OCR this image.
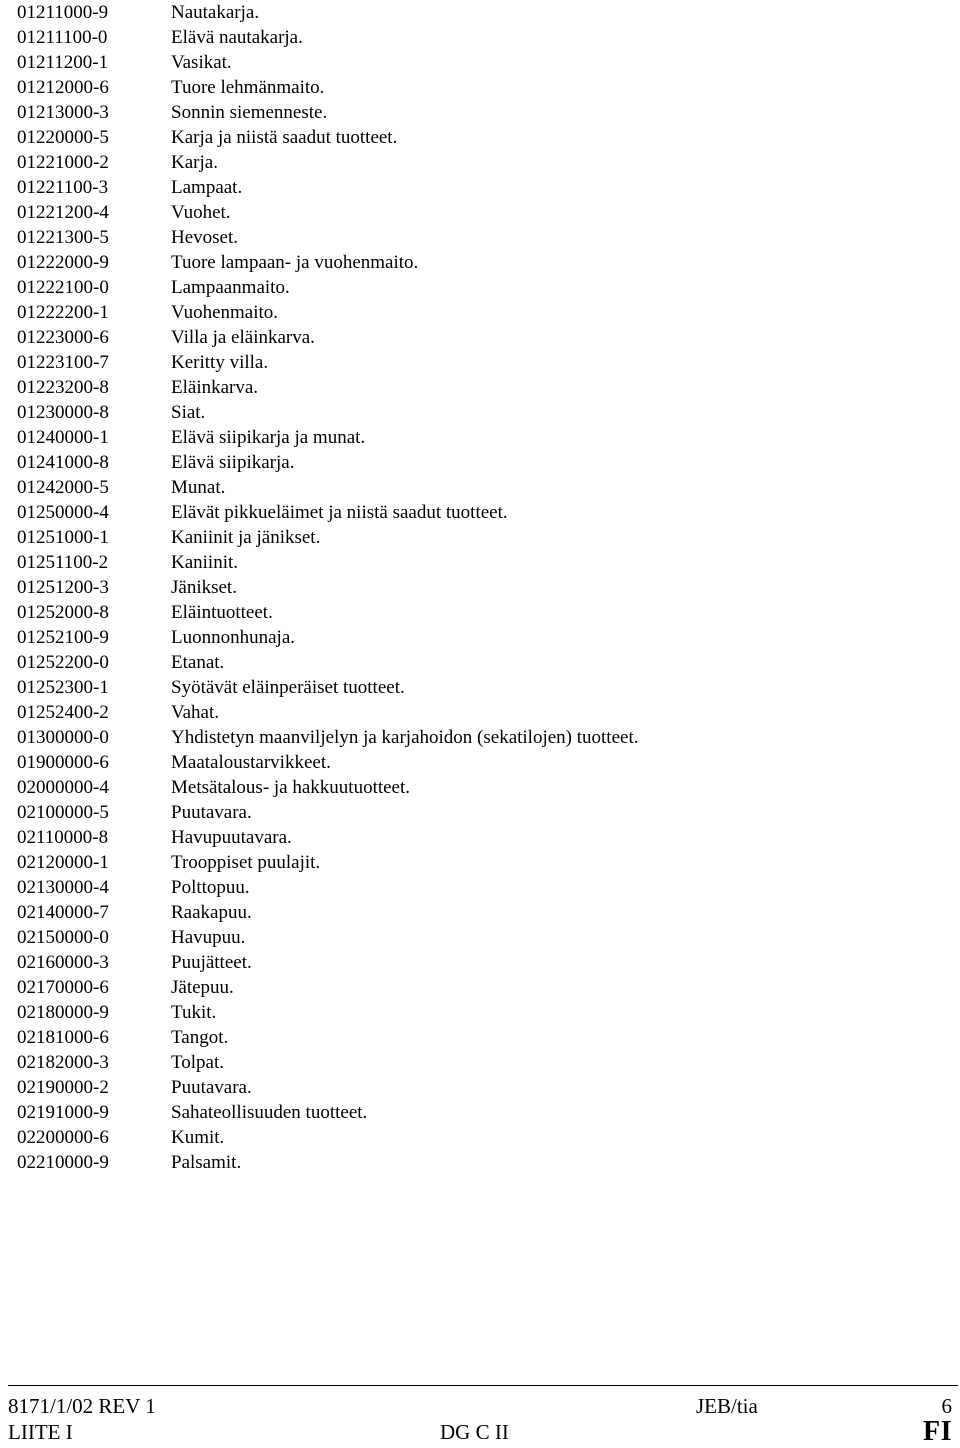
01211000-9	Nautakarja.
01211100-0	Elävä nautakarja.
01211200-1	Vasikat.
01212000-6	Tuore lehmänmaito.
01213000-3	Sonnin siemenneste.
01220000-5	Karja ja niistä saadut tuotteet.
01221000-2	Karja.
01221100-3	Lampaat.
01221200-4	Vuohet.
01221300-5	Hevoset.
01222000-9	Tuore lampaan- ja vuohenmaito.
01222100-0	Lampaanmaito.
01222200-1	Vuohenmaito.
01223000-6	Villa ja eläinkarva.
01223100-7	Keritty villa.
01223200-8	Eläinkarva.
01230000-8	Siat.
01240000-1	Elävä siipikarja ja munat.
01241000-8	Elävä siipikarja.
01242000-5	Munat.
01250000-4	Elävät pikkueläimet ja niistä saadut tuotteet.
01251000-1	Kaniinit ja jänikset.
01251100-2	Kaniinit.
01251200-3	Jänikset.
01252000-8	Eläintuotteet.
01252100-9	Luonnonhunaja.
01252200-0	Etanat.
01252300-1	Syötävät eläinperäiset tuotteet.
01252400-2	Vahat.
01300000-0	Yhdistetyn maanviljelyn ja karjahoidon (sekatilojen) tuotteet.
01900000-6	Maataloustarvikkeet.
02000000-4	Metsätalous- ja hakkuutuotteet.
02100000-5	Puutavara.
02110000-8	Havupuutavara.
02120000-1	Trooppiset puulajit.
02130000-4	Polttopuu.
02140000-7	Raakapuu.
02150000-0	Havupuu.
02160000-3	Puujätteet.
02170000-6	Jätepuu.
02180000-9	Tukit.
02181000-6	Tangot.
02182000-3	Tolpat.
02190000-2	Puutavara.
02191000-9	Sahateollisuuden tuotteet.
02200000-6	Kumit.
02210000-9	Palsamit.
8171/1/02 REV 1
LIITE I
JEB/tia
DG C II
6
FI
